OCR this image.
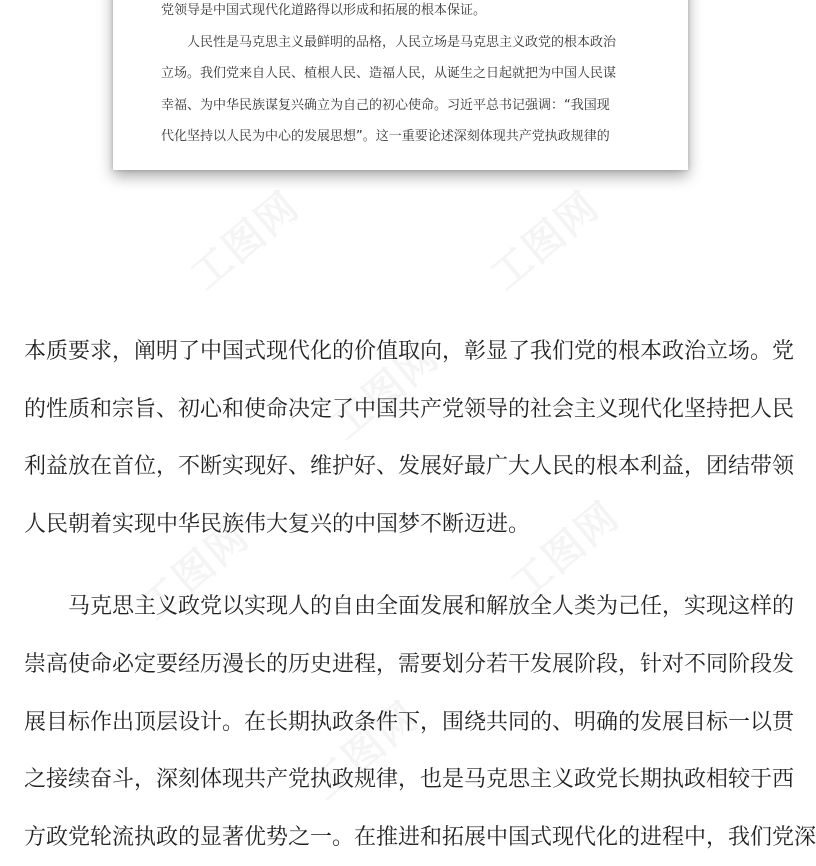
党领导是中国式现代化道路得以形成和拓展的根本保证。

人民性是马克思主义最鲜明的品格，人民立场是马克思主义政党的根本政治

立场。我们党来自人民、植根人民、造福人民，从诞生之日起就把为中国人民谋

幸福、为中华民族谋复兴确立为自己的初心使命。习近平总书记强调：“我国现

代化坚持以人民为中心的发展思想”。这一重要论述深刻体现共产党执政规律的

本质要求，阐明了中国式现代化的价值取向，彰显了我们党的根本政治立场。党

的性质和宗旨、初心和使命决定了中国共产党领导的社会主义现代化坚持把人民

利益放在首位，不断实现好、维护好、发展好最广大人民的根本利益，团结带领

人民朝着实现中华民族伟大复兴的中国梦不断迈进。

马克思主义政党以实现人的自由全面发展和解放全人类为己任，实现这样的

崇高使命必定要经历漫长的历史进程，需要划分若干发展阶段，针对不同阶段发

展目标作出顶层设计。在长期执政条件下，围绕共同的、明确的发展目标一以贯

之接续奋斗，深刻体现共产党执政规律，也是马克思主义政党长期执政相较于西

方政党轮流执政的显著优势之一。在推进和拓展中国式现代化的进程中，我们党深
